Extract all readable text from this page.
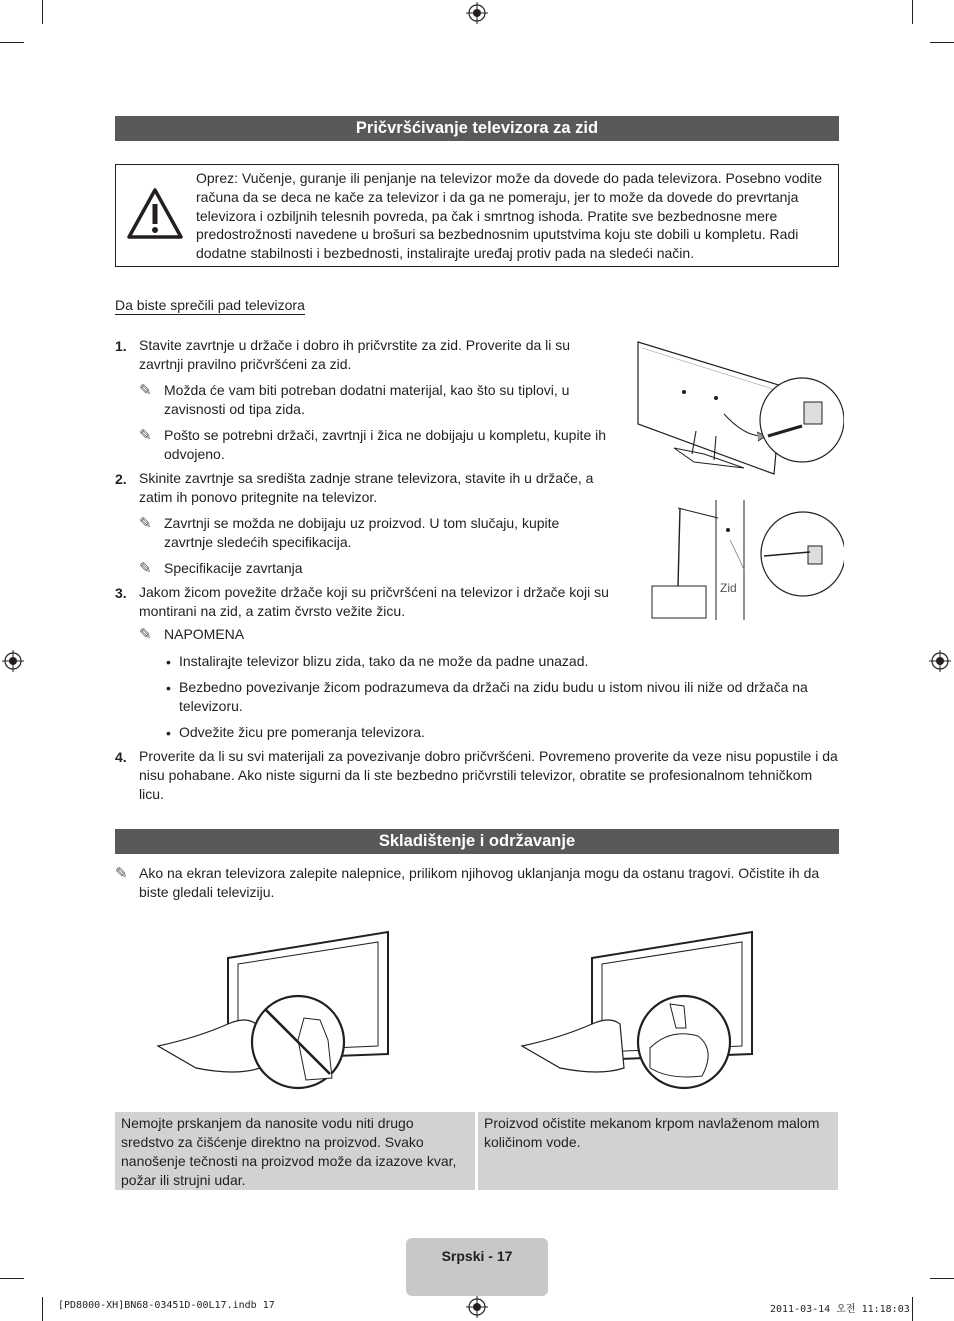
Pričvršćivanje televizora za zid
Oprez: Vučenje, guranje ili penjanje na televizor može da dovede do pada televizora. Posebno vodite računa da se deca ne kače za televizor i da ga ne pomeraju, jer to može da dovede do prevrtanja televizora i ozbiljnih telesnih povreda, pa čak i smrtnog ishoda. Pratite sve bezbednosne mere predostrožnosti navedene u brošuri sa bezbednosnim uputstvima koju ste dobili u kompletu. Radi dodatne stabilnosti i bezbednosti, instalirajte uređaj protiv pada na sledeći način.
Da biste sprečili pad televizora
1. Stavite zavrtnje u držače i dobro ih pričvrstite za zid. Proverite da li su zavrtnji pravilno pričvršćeni za zid.
✎ Možda će vam biti potreban dodatni materijal, kao što su tiplovi, u zavisnosti od tipa zida.
✎ Pošto se potrebni držači, zavrtnji i žica ne dobijaju u kompletu, kupite ih odvojeno.
2. Skinite zavrtnje sa središta zadnje strane televizora, stavite ih u držače, a zatim ih ponovo pritegnite na televizor.
✎ Zavrtnji se možda ne dobijaju uz proizvod. U tom slučaju, kupite zavrtnje sledećih specifikacija.
✎ Specifikacije zavrtanja
3. Jakom žicom povežite držače koji su pričvršćeni na televizor i držače koji su montirani na zid, a zatim čvrsto vežite žicu.
✎ NAPOMENA
• Instalirajte televizor blizu zida, tako da ne može da padne unazad.
• Bezbedno povezivanje žicom podrazumeva da držači na zidu budu u istom nivou ili niže od držača na televizoru.
• Odvežite žicu pre pomeranja televizora.
4. Proverite da li su svi materijali za povezivanje dobro pričvršćeni. Povremeno proverite da veze nisu popustile i da nisu pohabane. Ako niste sigurni da li ste bezbedno pričvrstili televizor, obratite se profesionalnom tehničkom licu.
Zid
Skladištenje i održavanje
✎ Ako na ekran televizora zalepite nalepnice, prilikom njihovog uklanjanja mogu da ostanu tragovi. Očistite ih da biste gledali televiziju.
Nemojte prskanjem da nanosite vodu niti drugo sredstvo za čišćenje direktno na proizvod. Svako nanošenje tečnosti na proizvod može da izazove kvar, požar ili strujni udar.
Proizvod očistite mekanom krpom navlaženom malom količinom vode.
Srpski - 17
[PD8000-XH]BN68-03451D-00L17.indb 17	2011-03-14 오전 11:18:03
